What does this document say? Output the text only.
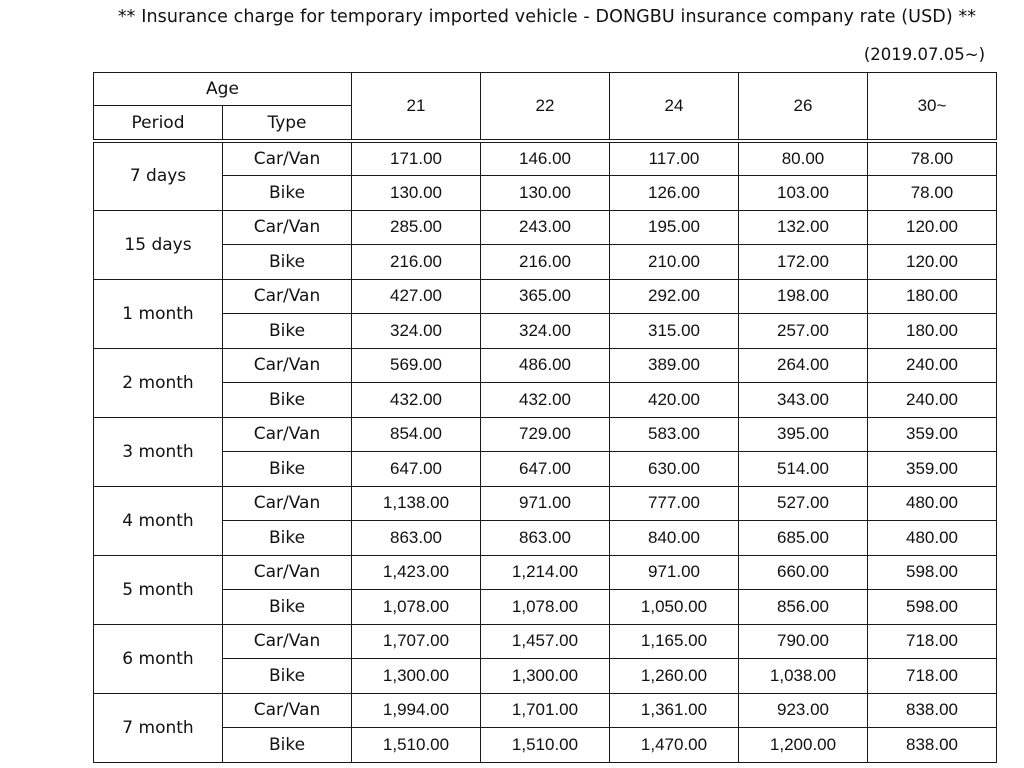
** Insurance charge for temporary imported vehicle - DONGBU insurance company rate (USD) **
(2019.07.05~)
Age		21	22	24	26	30~
Period	Type					
7 days	Car/Van	171.00	146.00	117.00	80.00	78.00
	Bike	130.00	130.00	126.00	103.00	78.00
15 days	Car/Van	285.00	243.00	195.00	132.00	120.00
	Bike	216.00	216.00	210.00	172.00	120.00
1 month	Car/Van	427.00	365.00	292.00	198.00	180.00
	Bike	324.00	324.00	315.00	257.00	180.00
2 month	Car/Van	569.00	486.00	389.00	264.00	240.00
	Bike	432.00	432.00	420.00	343.00	240.00
3 month	Car/Van	854.00	729.00	583.00	395.00	359.00
	Bike	647.00	647.00	630.00	514.00	359.00
4 month	Car/Van	1,138.00	971.00	777.00	527.00	480.00
	Bike	863.00	863.00	840.00	685.00	480.00
5 month	Car/Van	1,423.00	1,214.00	971.00	660.00	598.00
	Bike	1,078.00	1,078.00	1,050.00	856.00	598.00
6 month	Car/Van	1,707.00	1,457.00	1,165.00	790.00	718.00
	Bike	1,300.00	1,300.00	1,260.00	1,038.00	718.00
7 month	Car/Van	1,994.00	1,701.00	1,361.00	923.00	838.00
	Bike	1,510.00	1,510.00	1,470.00	1,200.00	838.00
